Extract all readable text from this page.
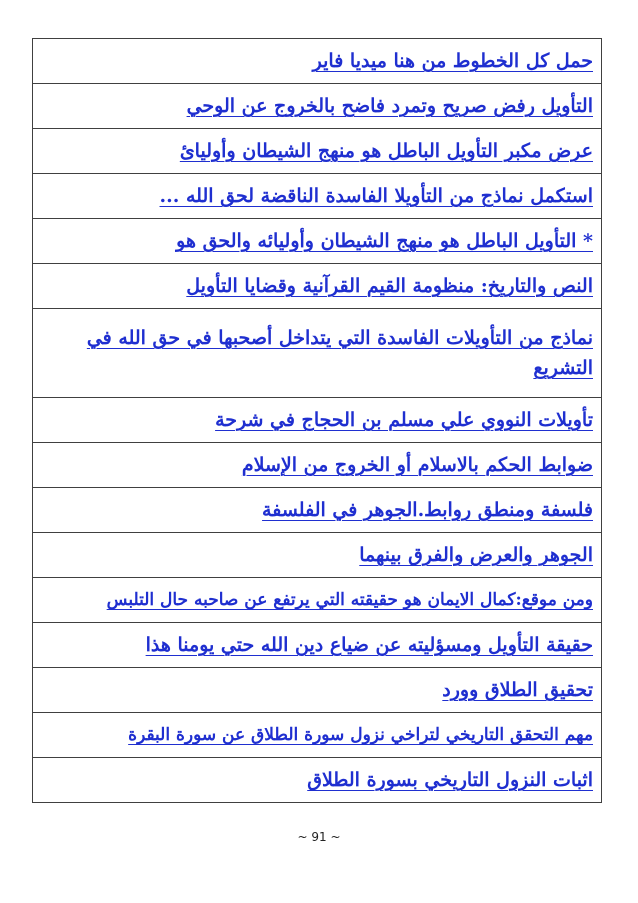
حمل كل الخطوط من هنا ميديا فاير
التأويل رفض صريح وتمرد فاضح بالخروج عن الوحي
عرض مكبر التأويل الباطل هو منهج الشيطان وأوليائ
استكمل نماذج من التأويلا الفاسدة الناقضة لحق الله ...
* التأويل الباطل هو منهج الشيطان وأوليائه والحق هو
النص والتاريخ: منظومة القيم القرآنية وقضايا التأويل
نماذج من التأويلات الفاسدة التي يتداخل أصحبها في حق الله في التشريع
تأويلات النووي علي مسلم بن الحجاج في شرحة
ضوابط الحكم بالاسلام أو الخروج من الإسلام
فلسفة ومنطق روابط.الجوهر في الفلسفة
الجوهر والعرض والفرق بينهما
ومن موقع:كمال الايمان هو حقيقته التي يرتفع عن صاحبه حال التلبس
حقيقة التأويل ومسؤليته عن ضياع دين الله حتي يومنا هذا
تحقيق الطلاق وورد
مهم التحقق التاريخي لتراخي نزول سورة الطلاق عن سورة البقرة
اثبات النزول التاريخي بسورة الطلاق
~ 91 ~
